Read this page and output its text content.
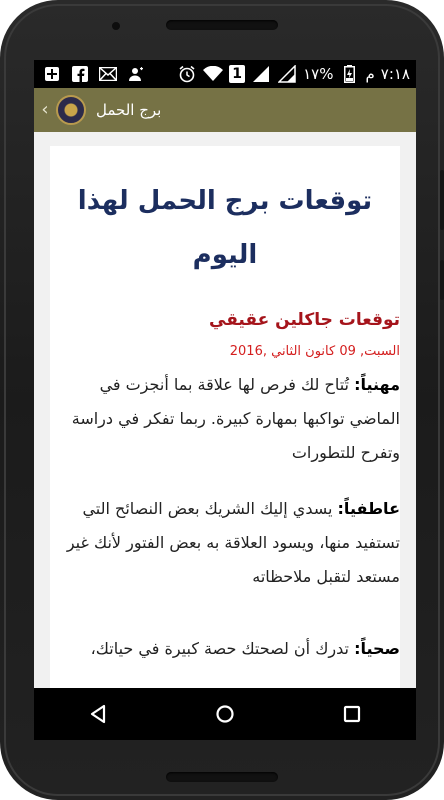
1	١٧% م ٧:١٨
‹	برج الحمل
توقعات برج الحمل لهذا اليوم
توقعات جاكلين عقيقي
السبت, 09 كانون الثاني ,2016
مهنياً: تُتاح لك فرص لها علاقة بما أنجزت في الماضي تواكبها بمهارة كبيرة. ربما تفكر في دراسة وتفرح للتطورات
عاطفياً: يسدي إليك الشريك بعض النصائح التي تستفيد منها، ويسود العلاقة به بعض الفتور لأنك غير مستعد لتقبل ملاحظاته
صحياً: تدرك أن لصحتك حصة كبيرة في حياتك،
